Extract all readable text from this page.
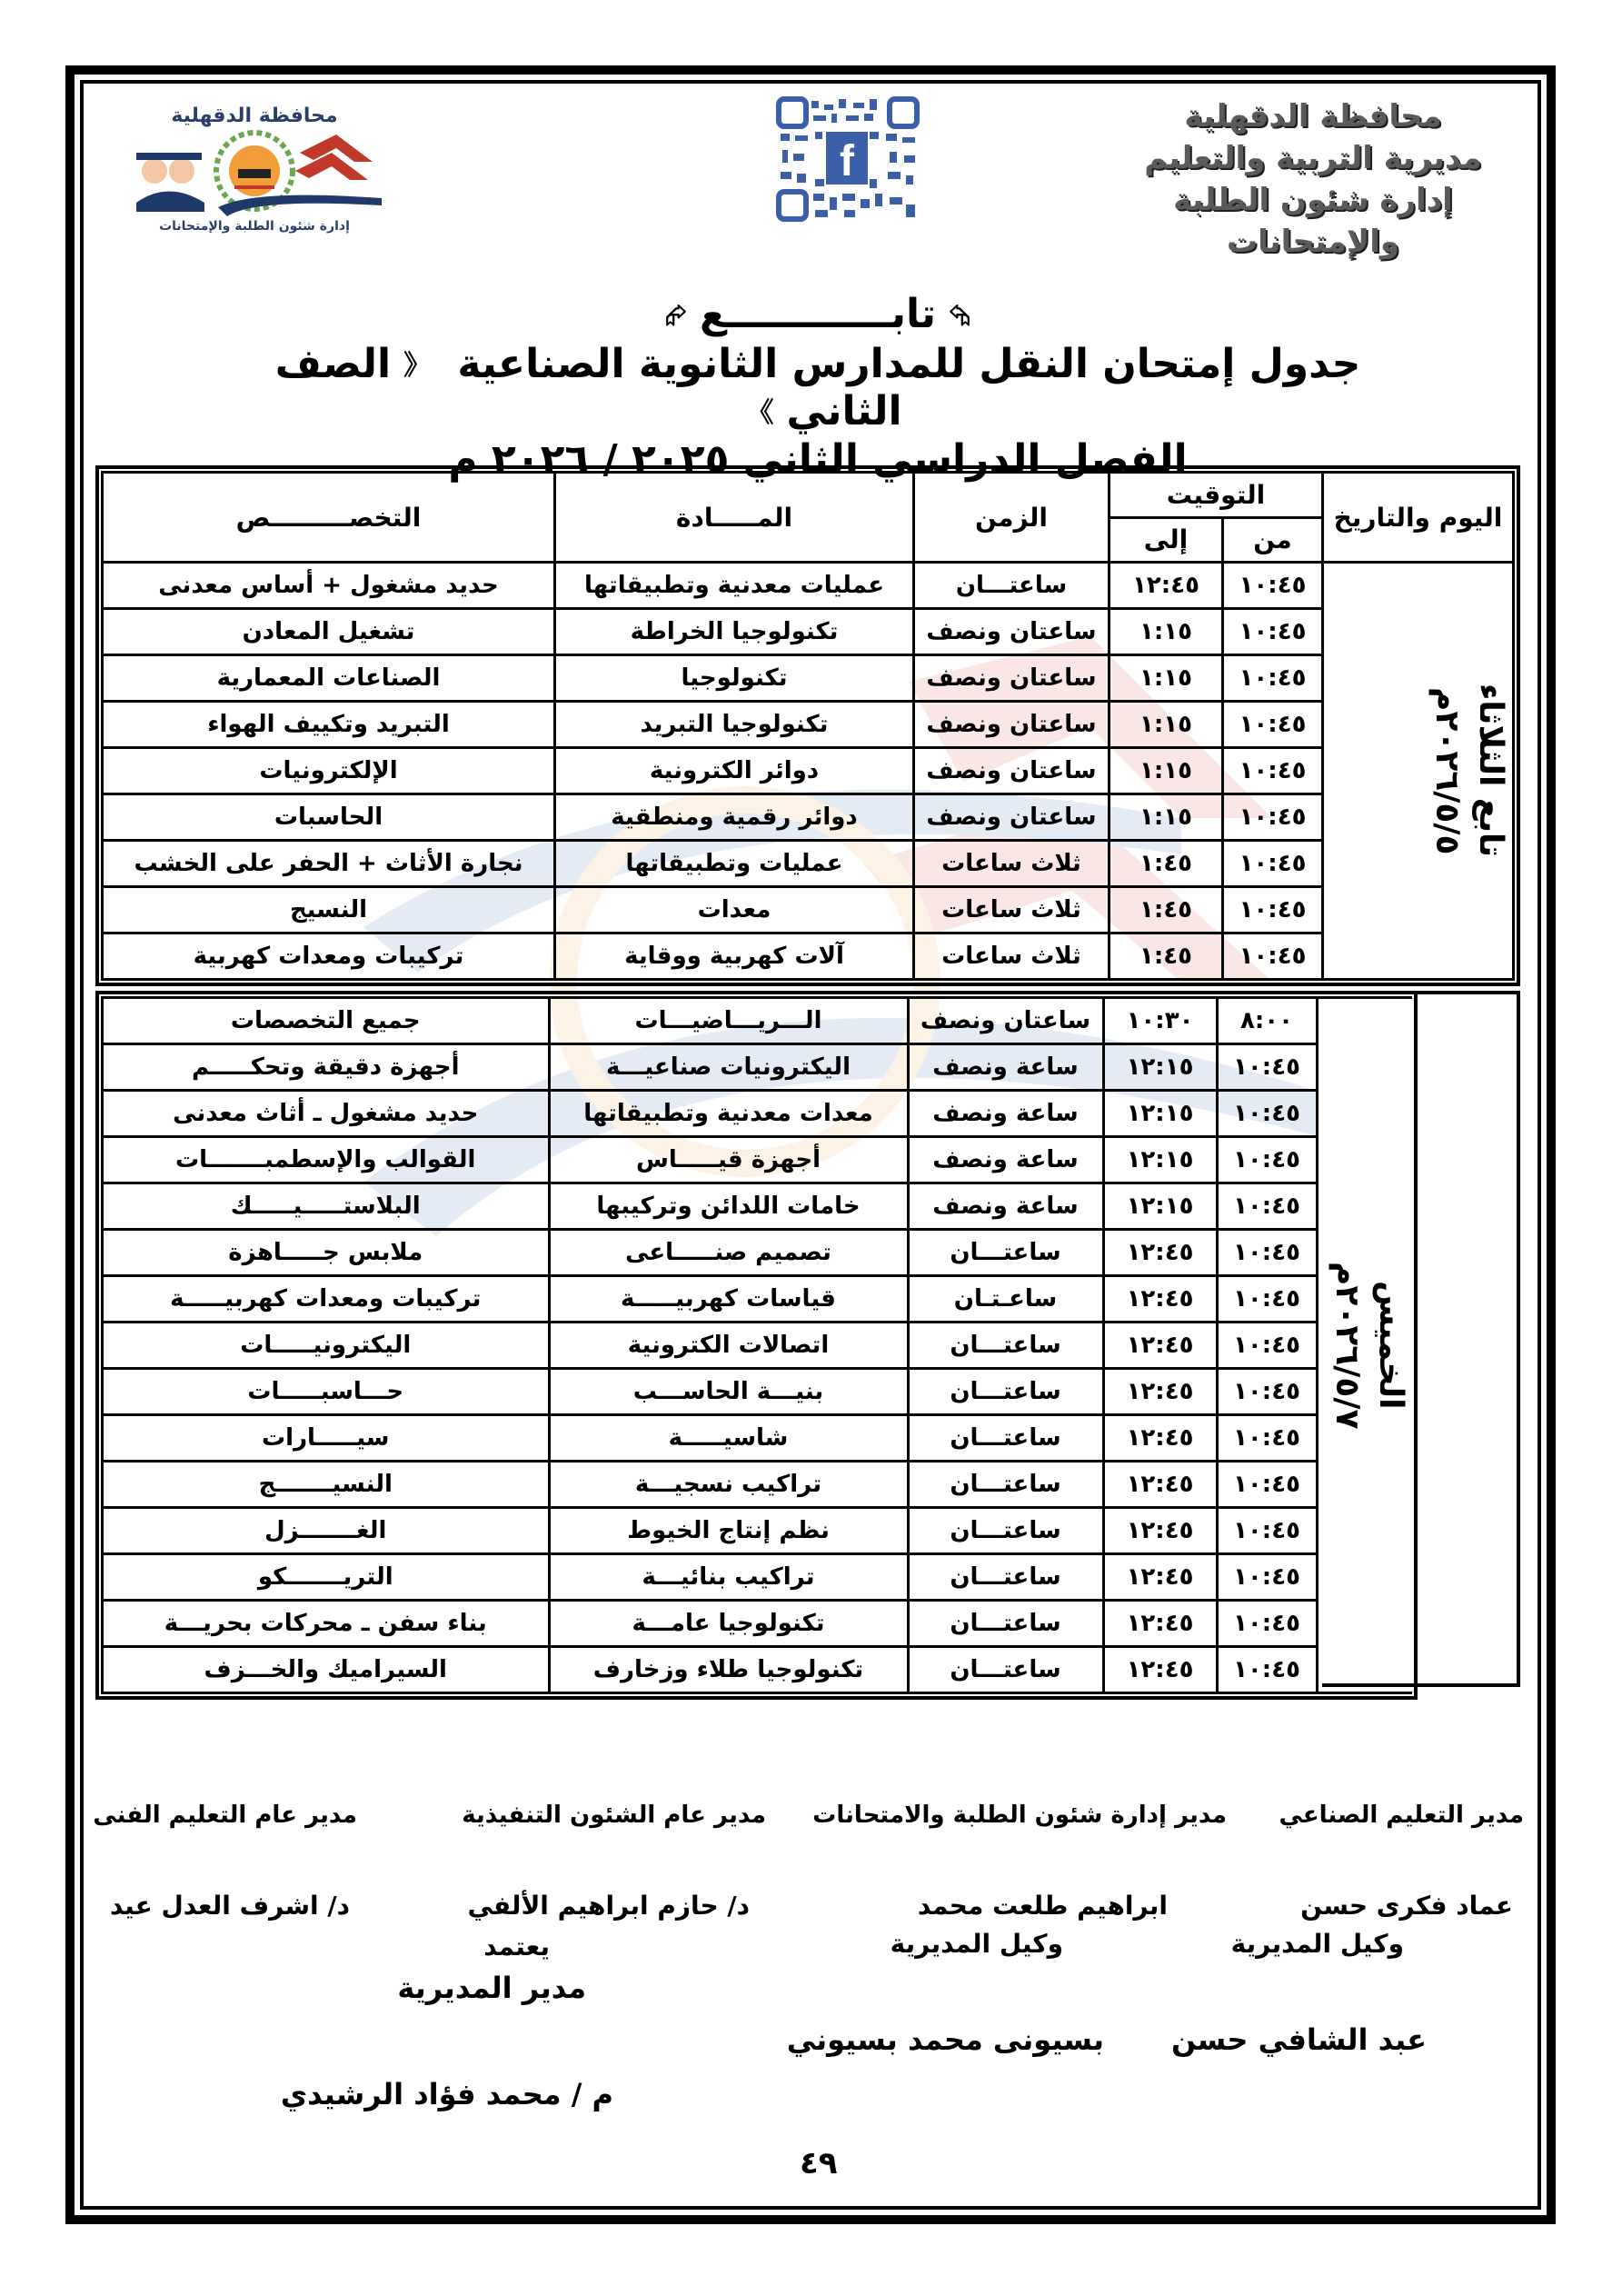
محافظة الدقهلية
مديرية التربية والتعليم
إدارة شئون الطلبة والإمتحانات
f
محافظة الدقهلية
إدارة شئون الطلبة والإمتحانات
⮲تابــــــــــــع⮳
جدول إمتحان النقل للمدارس الثانوية الصناعية 《الصف الثاني》
الفصل الدراسي الثاني ٢٠٢٥ / ٢٠٢٦ م
اليوم والتاريخ	التوقيت		الزمن	المـــــادة	التخصـــــــــص
	من	إلى			

تابع الثلاثاء
٢٠٢٦/٥/٥م	١٠:٤٥	١٢:٤٥	ساعتـــان	عمليات معدنية وتطبيقاتها	حديد مشغول + أساس معدنى
	١٠:٤٥	١:١٥	ساعتان ونصف	تكنولوجيا الخراطة	تشغيل المعادن
	١٠:٤٥	١:١٥	ساعتان ونصف	تكنولوجيا	الصناعات المعمارية
	١٠:٤٥	١:١٥	ساعتان ونصف	تكنولوجيا التبريد	التبريد وتكييف الهواء
	١٠:٤٥	١:١٥	ساعتان ونصف	دوائر الكترونية	الإلكترونيات
	١٠:٤٥	١:١٥	ساعتان ونصف	دوائر رقمية ومنطقية	الحاسبات
	١٠:٤٥	١:٤٥	ثلاث ساعات	عمليات وتطبيقاتها	نجارة الأثاث + الحفر على الخشب
	١٠:٤٥	١:٤٥	ثلاث ساعات	معدات	النسيج
	١٠:٤٥	١:٤٥	ثلاث ساعات	آلات كهربية ووقاية	تركيبات ومعدات كهربية
الخميس
٢٠٢٦/٥/٧م	٨:٠٠	١٠:٣٠	ساعتان ونصف	الـــريـــاضيـــات	جميع التخصصات
	١٠:٤٥	١٢:١٥	ساعة ونصف	اليكترونيات صناعيـــة	أجهزة دقيقة وتحكـــــم
	١٠:٤٥	١٢:١٥	ساعة ونصف	معدات معدنية وتطبيقاتها	حديد مشغول ـ أثاث معدنى
	١٠:٤٥	١٢:١٥	ساعة ونصف	أجهزة قيـــــاس	القوالب والإسطمبـــــــات
	١٠:٤٥	١٢:١٥	ساعة ونصف	خامات اللدائن وتركيبها	البلاستـــــيـــــك
	١٠:٤٥	١٢:٤٥	ساعتـــان	تصميم صنـــــاعى	ملابس جـــــاهزة
	١٠:٤٥	١٢:٤٥	ساعـتـان	قياسات كهربيـــــة	تركيبات ومعدات كهربيـــــة
	١٠:٤٥	١٢:٤٥	ساعتـــان	اتصالات الكترونية	اليكترونيـــــات
	١٠:٤٥	١٢:٤٥	ساعتـــان	بنيـــة الحاســـب	حـــاسبـــــات
	١٠:٤٥	١٢:٤٥	ساعتـــان	شاسيـــــة	سيـــــارات
	١٠:٤٥	١٢:٤٥	ساعتـــان	تراكيب نسجيـــة	النسيـــــــج
	١٠:٤٥	١٢:٤٥	ساعتـــان	نظم إنتاج الخيوط	الغـــــــزل
	١٠:٤٥	١٢:٤٥	ساعتـــان	تراكيب بنائيـــة	التريـــــــكو
	١٠:٤٥	١٢:٤٥	ساعتـــان	تكنولوجيا عامـــة	بناء سفن ـ محركات بحريـــة
	١٠:٤٥	١٢:٤٥	ساعتـــان	تكنولوجيا طلاء وزخارف	السيراميك والخـــزف
مدير التعليم الصناعي
مدير إدارة شئون الطلبة والامتحانات
مدير عام الشئون التنفيذية
مدير عام التعليم الفنى
عماد فكرى حسن
ابراهيم طلعت محمد
د/ حازم ابراهيم الألفي
د/ اشرف العدل عيد
وكيل المديرية
وكيل المديرية
يعتمد
مدير المديرية
عبد الشافي حسن
بسيونى محمد بسيوني
م / محمد فؤاد الرشيدي
٤٩
